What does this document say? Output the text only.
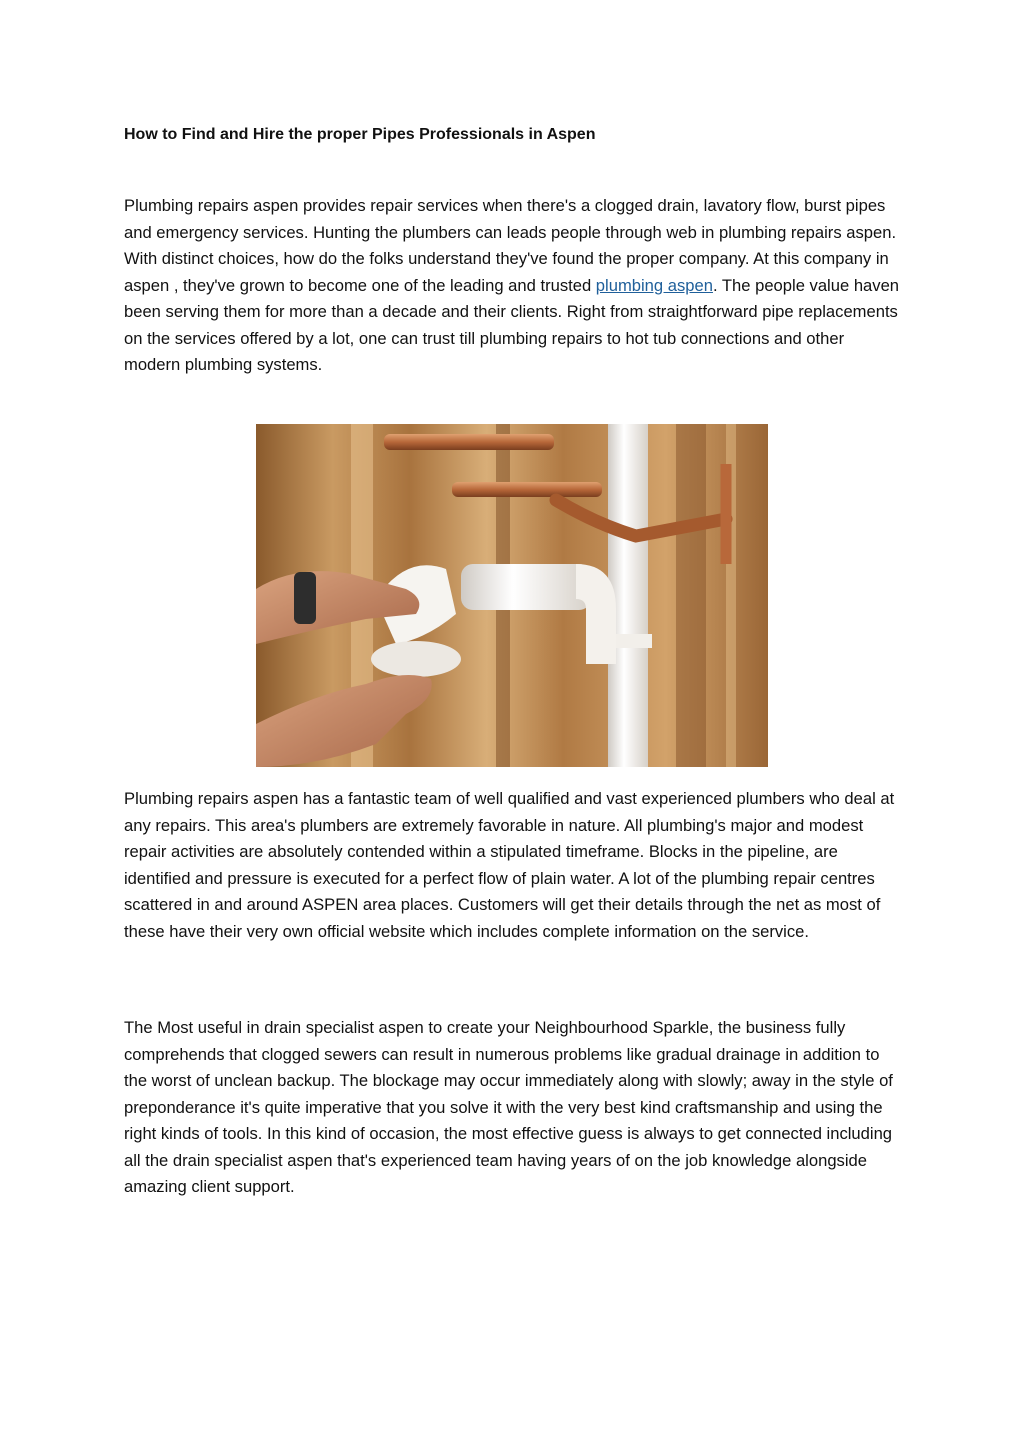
How to Find and Hire the proper Pipes Professionals in Aspen

Plumbing repairs aspen provides repair services when there's a clogged drain, lavatory flow, burst pipes and emergency services. Hunting the plumbers can leads people through web in plumbing repairs aspen. With distinct choices, how do the folks understand they've found the proper company. At this company in aspen , they've grown to become one of the leading and trusted plumbing aspen. The people value haven been serving them for more than a decade and their clients. Right from straightforward pipe replacements on the services offered by a lot, one can trust till plumbing repairs to hot tub connections and other modern plumbing systems.

Plumbing repairs aspen has a fantastic team of well qualified and vast experienced plumbers who deal at any repairs. This area's plumbers are extremely favorable in nature. All plumbing's major and modest repair activities are absolutely contended within a stipulated timeframe. Blocks in the pipeline, are identified and pressure is executed for a perfect flow of plain water. A lot of the plumbing repair centres scattered in and around ASPEN area places. Customers will get their details through the net as most of these have their very own official website which includes complete information on the service.

The Most useful in drain specialist aspen to create your Neighbourhood Sparkle, the business fully comprehends that clogged sewers can result in numerous problems like gradual drainage in addition to the worst of unclean backup. The blockage may occur immediately along with slowly; away in the style of preponderance it's quite imperative that you solve it with the very best kind craftsmanship and using the right kinds of tools. In this kind of occasion, the most effective guess is always to get connected including all the drain specialist aspen that's experienced team having years of on the job knowledge alongside amazing client support.
